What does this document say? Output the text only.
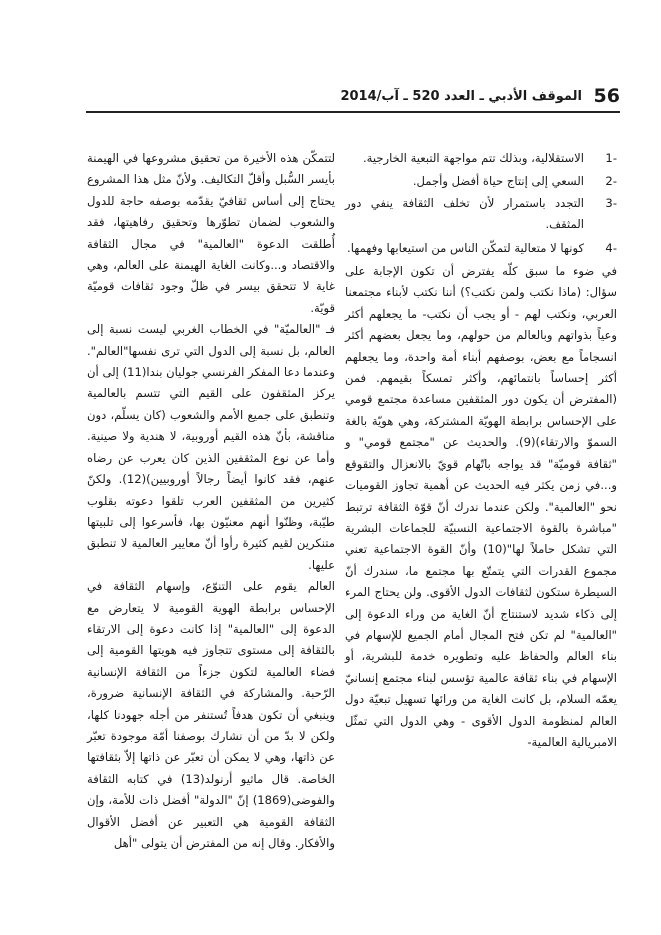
56
الموقف الأدبي ـ العدد 520 ـ آب/2014
-1

الاستقلالية، وبذلك تتم مواجهة التبعية الخارجية.

-2

السعي إلى إنتاج حياة أفضل وأجمل.

-3

التجدد باستمرار لأن تخلف الثقافة ينفي دور المثقف.

-4

كونها لا متعالية لتمكّن الناس من استيعابها وفهمها.

في ضوء ما سبق كلّه يفترض أن تكون الإجابة على سؤال: (ماذا نكتب ولمن نكتب؟) أننا نكتب لأبناء مجتمعنا العربي، ونكتب لهم - أو يجب أن نكتب- ما يجعلهم أكثر وعياً بذواتهم وبالعالم من حولهم، وما يجعل بعضهم أكثر انسجاماً مع بعض، بوصفهم أبناء أمة واحدة، وما يجعلهم أكثر إحساساً بانتمائهم، وأكثر تمسكاً بقيمهم. فمن (المفترض أن يكون دور المثقفين مساعدة مجتمع قومي على الإحساس برابطة الهويّة المشتركة، وهي هويّة بالغة السموّ والارتقاء)(9). والحديث عن "مجتمع قومي" و "ثقافة قوميّة" قد يواجه باتّهام قويّ بالانعزال والتقوقع و...في زمن يكثر فيه الحديث عن أهمية تجاوز القوميات نحو "العالمية". ولكن عندما ندرك أنّ قوّة الثقافة ترتبط "مباشرة بالقوة الاجتماعية النسبيّة للجماعات البشرية التي تشكل حاملاً لها"(10) وأنّ القوة الاجتماعية تعني مجموع القدرات التي يتمتّع بها مجتمع ما، سندرك أنّ السيطرة ستكون لثقافات الدول الأقوى. ولن يحتاج المرء إلى ذكاء شديد لاستنتاج أنّ الغاية من وراء الدعوة إلى "العالمية" لم تكن فتح المجال أمام الجميع للإسهام في بناء العالم والحفاظ عليه وتطويره خدمة للبشرية، أو الإسهام في بناء ثقافة عالمية تؤسس لبناء مجتمع إنسانيّ يعمّه السلام، بل كانت الغاية من ورائها تسهيل تبعيّة دول العالم لمنظومة الدول الأقوى - وهي الدول التي تمثّل الامبريالية العالمية-

لتتمكّن هذه الأخيرة من تحقيق مشروعها في الهيمنة بأيسر السُّبل وأقلّ التكاليف. ولأنّ مثل هذا المشروع يحتاج إلى أساس ثقافيّ يقدّمه بوصفه حاجة للدول والشعوب لضمان تطوّرها وتحقيق رفاهيتها، فقد أُطلقت الدعوة "العالمية" في مجال الثقافة والاقتصاد و...وكانت الغاية الهيمنة على العالم، وهي غاية لا تتحقق بيسر في ظلّ وجود ثقافات قوميّة قويّة.

فـ "العالميّة" في الخطاب الغربي ليست نسبة إلى العالم، بل نسبة إلى الدول التي ترى نفسها"العالم". وعندما دعا المفكر الفرنسي جوليان بندا(11) إلى أن يركز المثقفون على القيم التي تتسم بالعالمية وتنطبق على جميع الأمم والشعوب (كان يسلّم، دون مناقشة، بأنّ هذه القيم أوروبية، لا هندية ولا صينية. وأما عن نوع المثقفين الذين كان يعرب عن رضاه عنهم، فقد كانوا أيضاً رجالاً أوروبيين)(12). ولكنّ كثيرين من المثقفين العرب تلقوا دعوته بقلوب طيّبة، وظنّوا أنهم معنيّون بها، فأسرعوا إلى تلبيتها متنكرين لقيم كثيرة رأوا أنّ معايير العالمية لا تنطبق عليها.

العالم يقوم على التنوّع، وإسهام الثقافة في الإحساس برابطة الهوية القومية لا يتعارض مع الدعوة إلى "العالمية" إذا كانت دعوة إلى الارتقاء بالثقافة إلى مستوى تتجاوز فيه هويتها القومية إلى فضاء العالمية لتكون جزءاً من الثقافة الإنسانية الرّحبة. والمشاركة في الثقافة الإنسانية ضرورة، وينبغي أن تكون هدفاً تُستنفر من أجله جهودنا كلها، ولكن لا بدّ من أن نشارك بوصفنا أمّة موجودة تعبّر عن ذاتها، وهي لا يمكن أن تعبّر عن ذاتها إلاّ بثقافتها الخاصة. قال ماثيو أرنولد(13) في كتابه الثقافة والفوضى(1869) إنّ "الدولة" أفضل ذات للأمة، وإن الثقافة القومية هي التعبير عن أفضل الأقوال والأفكار. وقال إنه من المفترض أن يتولى "أهل
